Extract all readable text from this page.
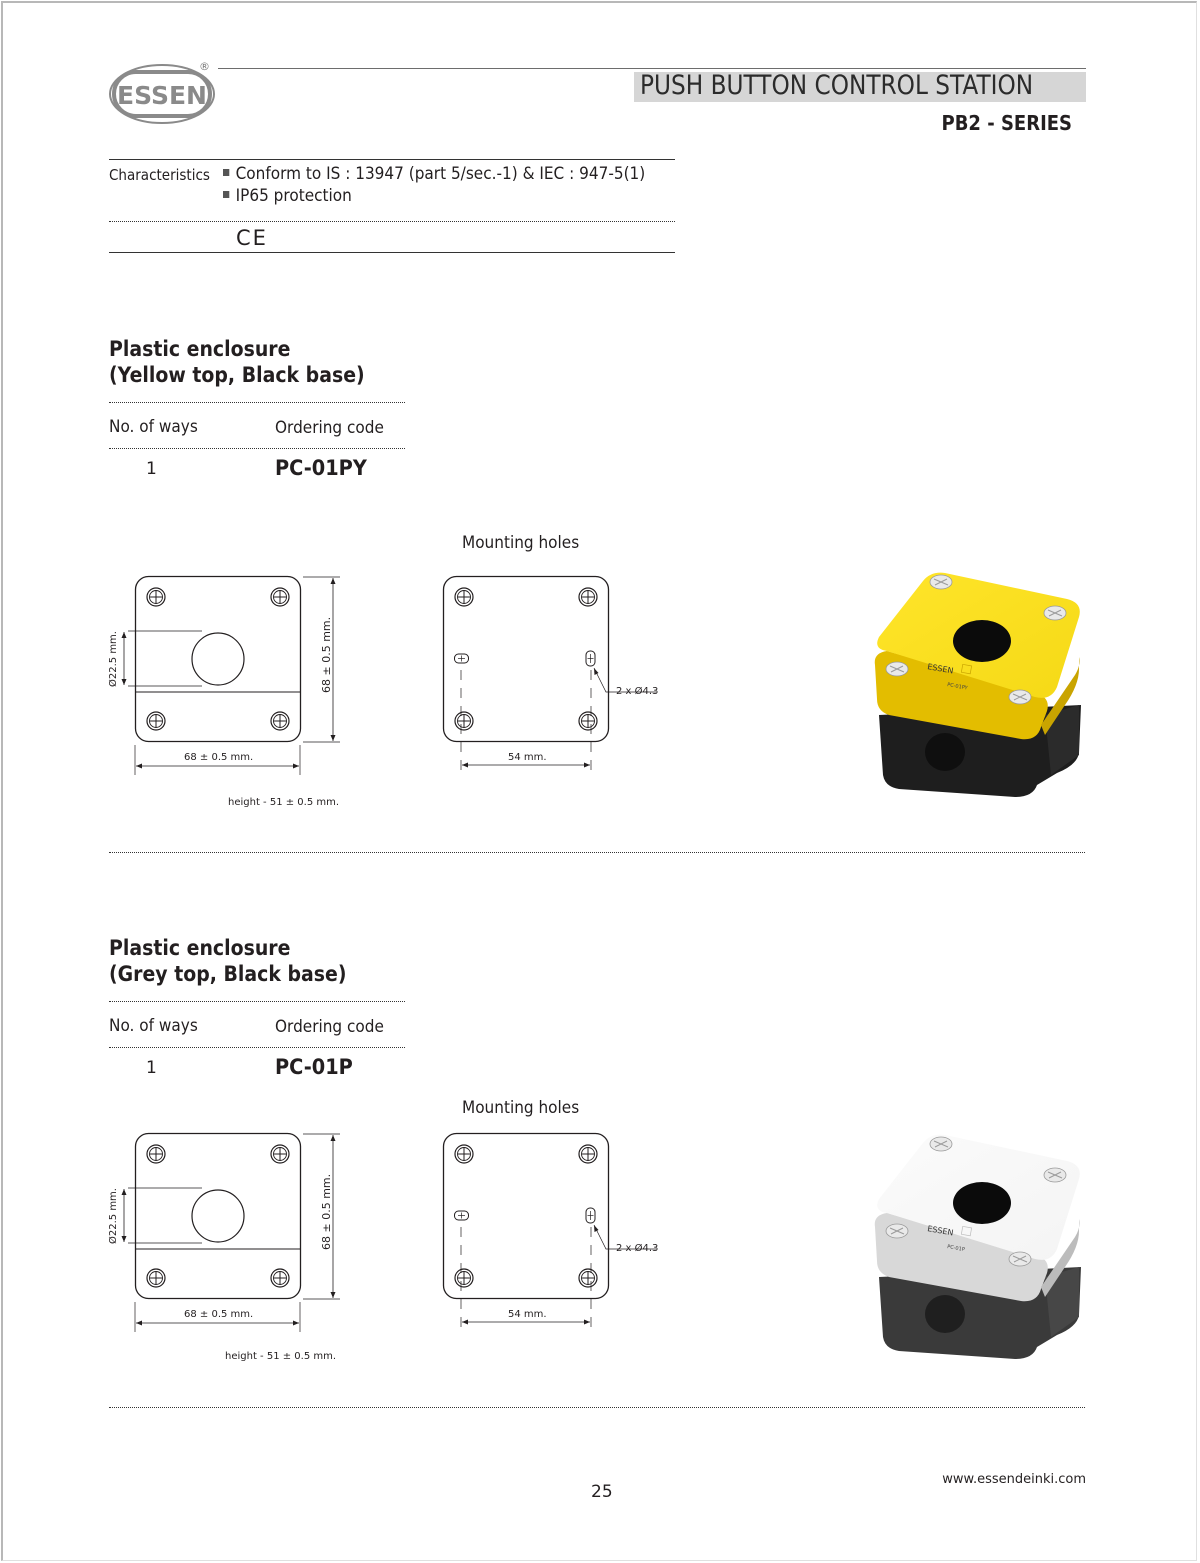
ESSEN
®
PUSH BUTTON CONTROL STATION
PB2 - SERIES
Characteristics	Conform to IS : 13947 (part 5/sec.-1) & IEC : 947-5(1)
IP65 protection
CE
Plastic enclosure
(Yellow top, Black base)
No. of ways	Ordering code
1	PC-01PY
Mounting holes
Ø22.5 mm.	68 ± 0.5 mm.
68 ± 0.5 mm.
height - 51 ± 0.5 mm.
2 x Ø4.3
54 mm.
ESSEN
PC-01PY
Plastic enclosure
(Grey top, Black base)
No. of ways	Ordering code
1	PC-01P
Mounting holes
Ø22.5 mm.	68 ± 0.5 mm.
68 ± 0.5 mm.
height - 51 ± 0.5 mm.
2 x Ø4.3
54 mm.
ESSEN
PC-01P
25
www.essendeinki.com
